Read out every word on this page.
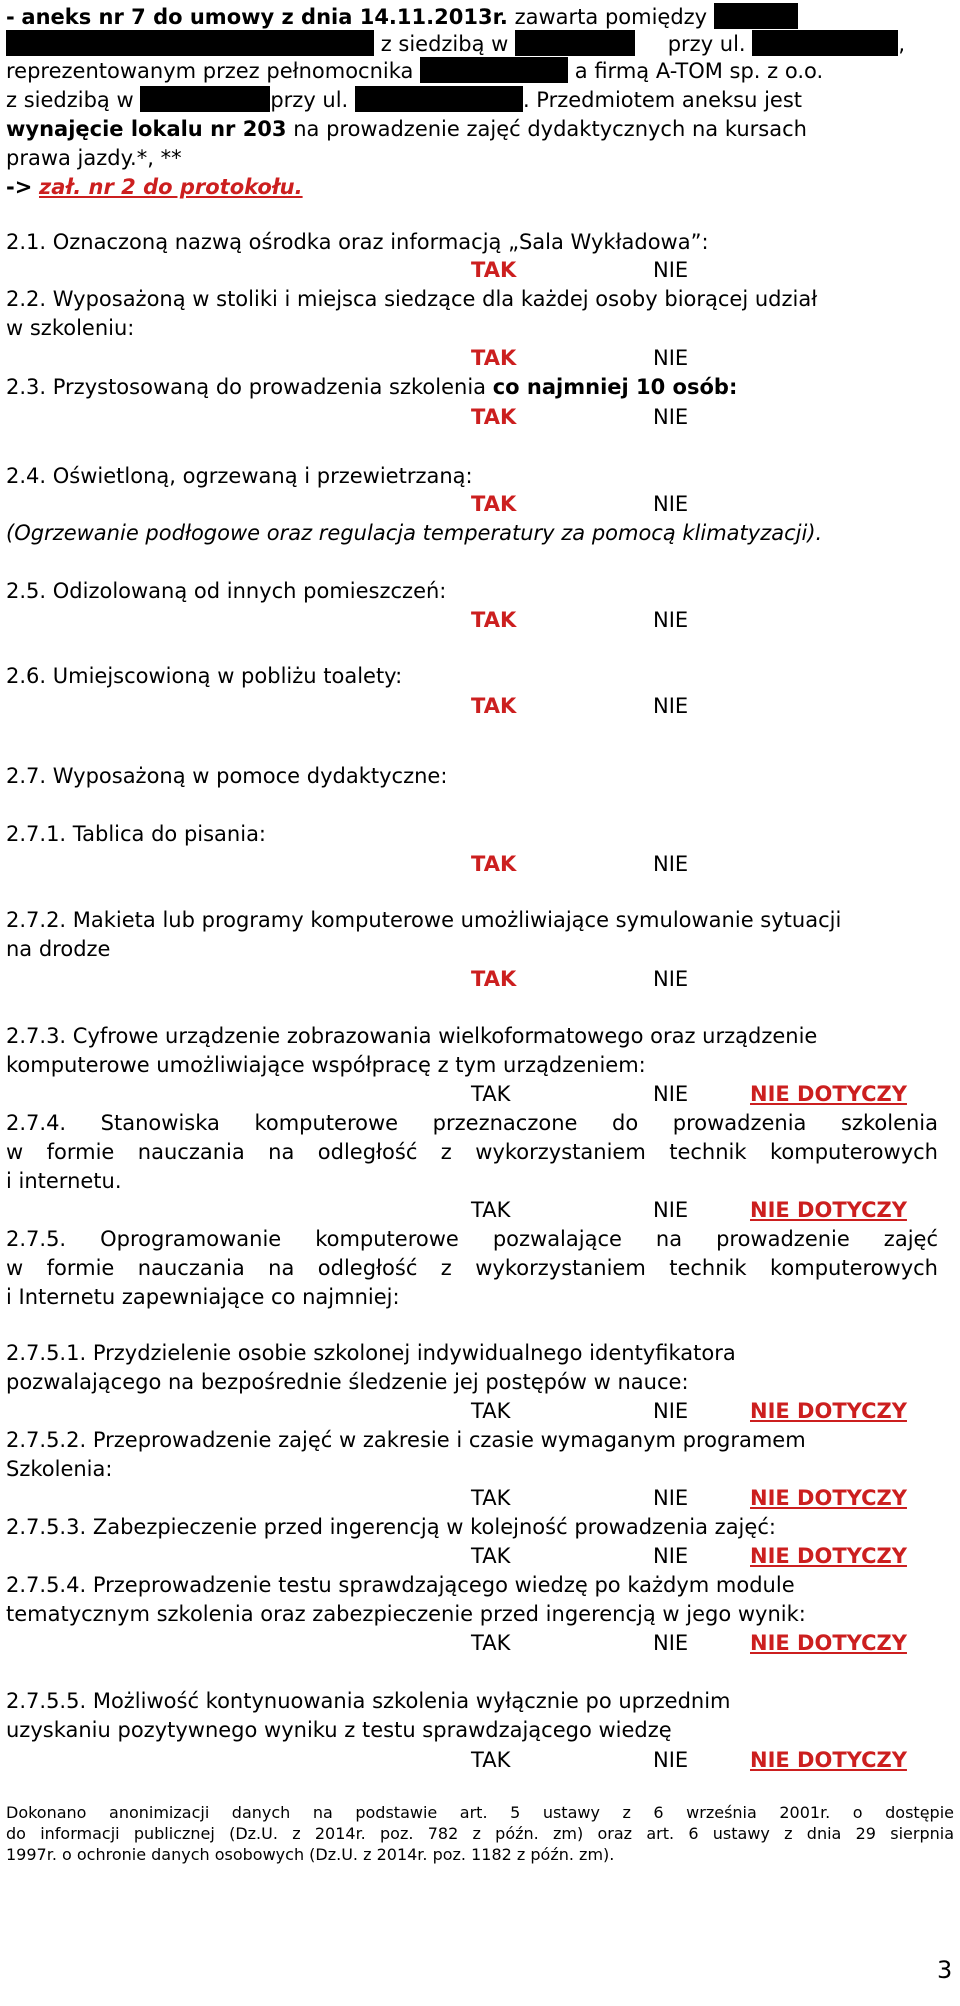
- aneks nr 7 do umowy z dnia 14.11.2013r. zawarta pomiędzy
z siedzibą w	przy ul.	,
reprezentowanym przez pełnomocnika	a firmą A-TOM sp. z o.o.
z siedzibą w	przy ul.	. Przedmiotem aneksu jest
wynajęcie lokalu nr 203 na prowadzenie zajęć dydaktycznych na kursach
prawa jazdy.*, **
-> zał. nr 2 do protokołu.
2.1. Oznaczoną nazwą ośrodka oraz informacją „Sala Wykładowa”:
TAK	NIE
2.2. Wyposażoną w stoliki i miejsca siedzące dla każdej osoby biorącej udział
w szkoleniu:
TAK	NIE
2.3. Przystosowaną do prowadzenia szkolenia co najmniej 10 osób:
TAK	NIE
2.4. Oświetloną, ogrzewaną i przewietrzaną:
TAK	NIE
(Ogrzewanie podłogowe oraz regulacja temperatury za pomocą klimatyzacji).
2.5. Odizolowaną od innych pomieszczeń:
TAK	NIE
2.6. Umiejscowioną w pobliżu toalety:
TAK	NIE
2.7. Wyposażoną w pomoce dydaktyczne:
2.7.1. Tablica do pisania:
TAK	NIE
2.7.2. Makieta lub programy komputerowe umożliwiające symulowanie sytuacji
na drodze
TAK	NIE
2.7.3. Cyfrowe urządzenie zobrazowania wielkoformatowego oraz urządzenie
komputerowe umożliwiające współpracę z tym urządzeniem:
TAK	NIE	NIE DOTYCZY
2.7.4. Stanowiska komputerowe przeznaczone do prowadzenia szkolenia
w formie nauczania na odległość z wykorzystaniem technik komputerowych
i internetu.
TAK	NIE	NIE DOTYCZY
2.7.5. Oprogramowanie komputerowe pozwalające na prowadzenie zajęć
w formie nauczania na odległość z wykorzystaniem technik komputerowych
i Internetu zapewniające co najmniej:
2.7.5.1. Przydzielenie osobie szkolonej indywidualnego identyfikatora
pozwalającego na bezpośrednie śledzenie jej postępów w nauce:
TAK	NIE	NIE DOTYCZY
2.7.5.2. Przeprowadzenie zajęć w zakresie i czasie wymaganym programem
Szkolenia:
TAK	NIE	NIE DOTYCZY
2.7.5.3. Zabezpieczenie przed ingerencją w kolejność prowadzenia zajęć:
TAK	NIE	NIE DOTYCZY
2.7.5.4. Przeprowadzenie testu sprawdzającego wiedzę po każdym module
tematycznym szkolenia oraz zabezpieczenie przed ingerencją w jego wynik:
TAK	NIE	NIE DOTYCZY
2.7.5.5. Możliwość kontynuowania szkolenia wyłącznie po uprzednim
uzyskaniu pozytywnego wyniku z testu sprawdzającego wiedzę
TAK	NIE	NIE DOTYCZY
Dokonano anonimizacji danych na podstawie art. 5 ustawy z 6 września 2001r. o dostępie
do informacji publicznej (Dz.U. z 2014r. poz. 782 z późn. zm) oraz art. 6 ustawy z dnia 29 sierpnia
1997r. o ochronie danych osobowych (Dz.U. z 2014r. poz. 1182 z późn. zm).
3
